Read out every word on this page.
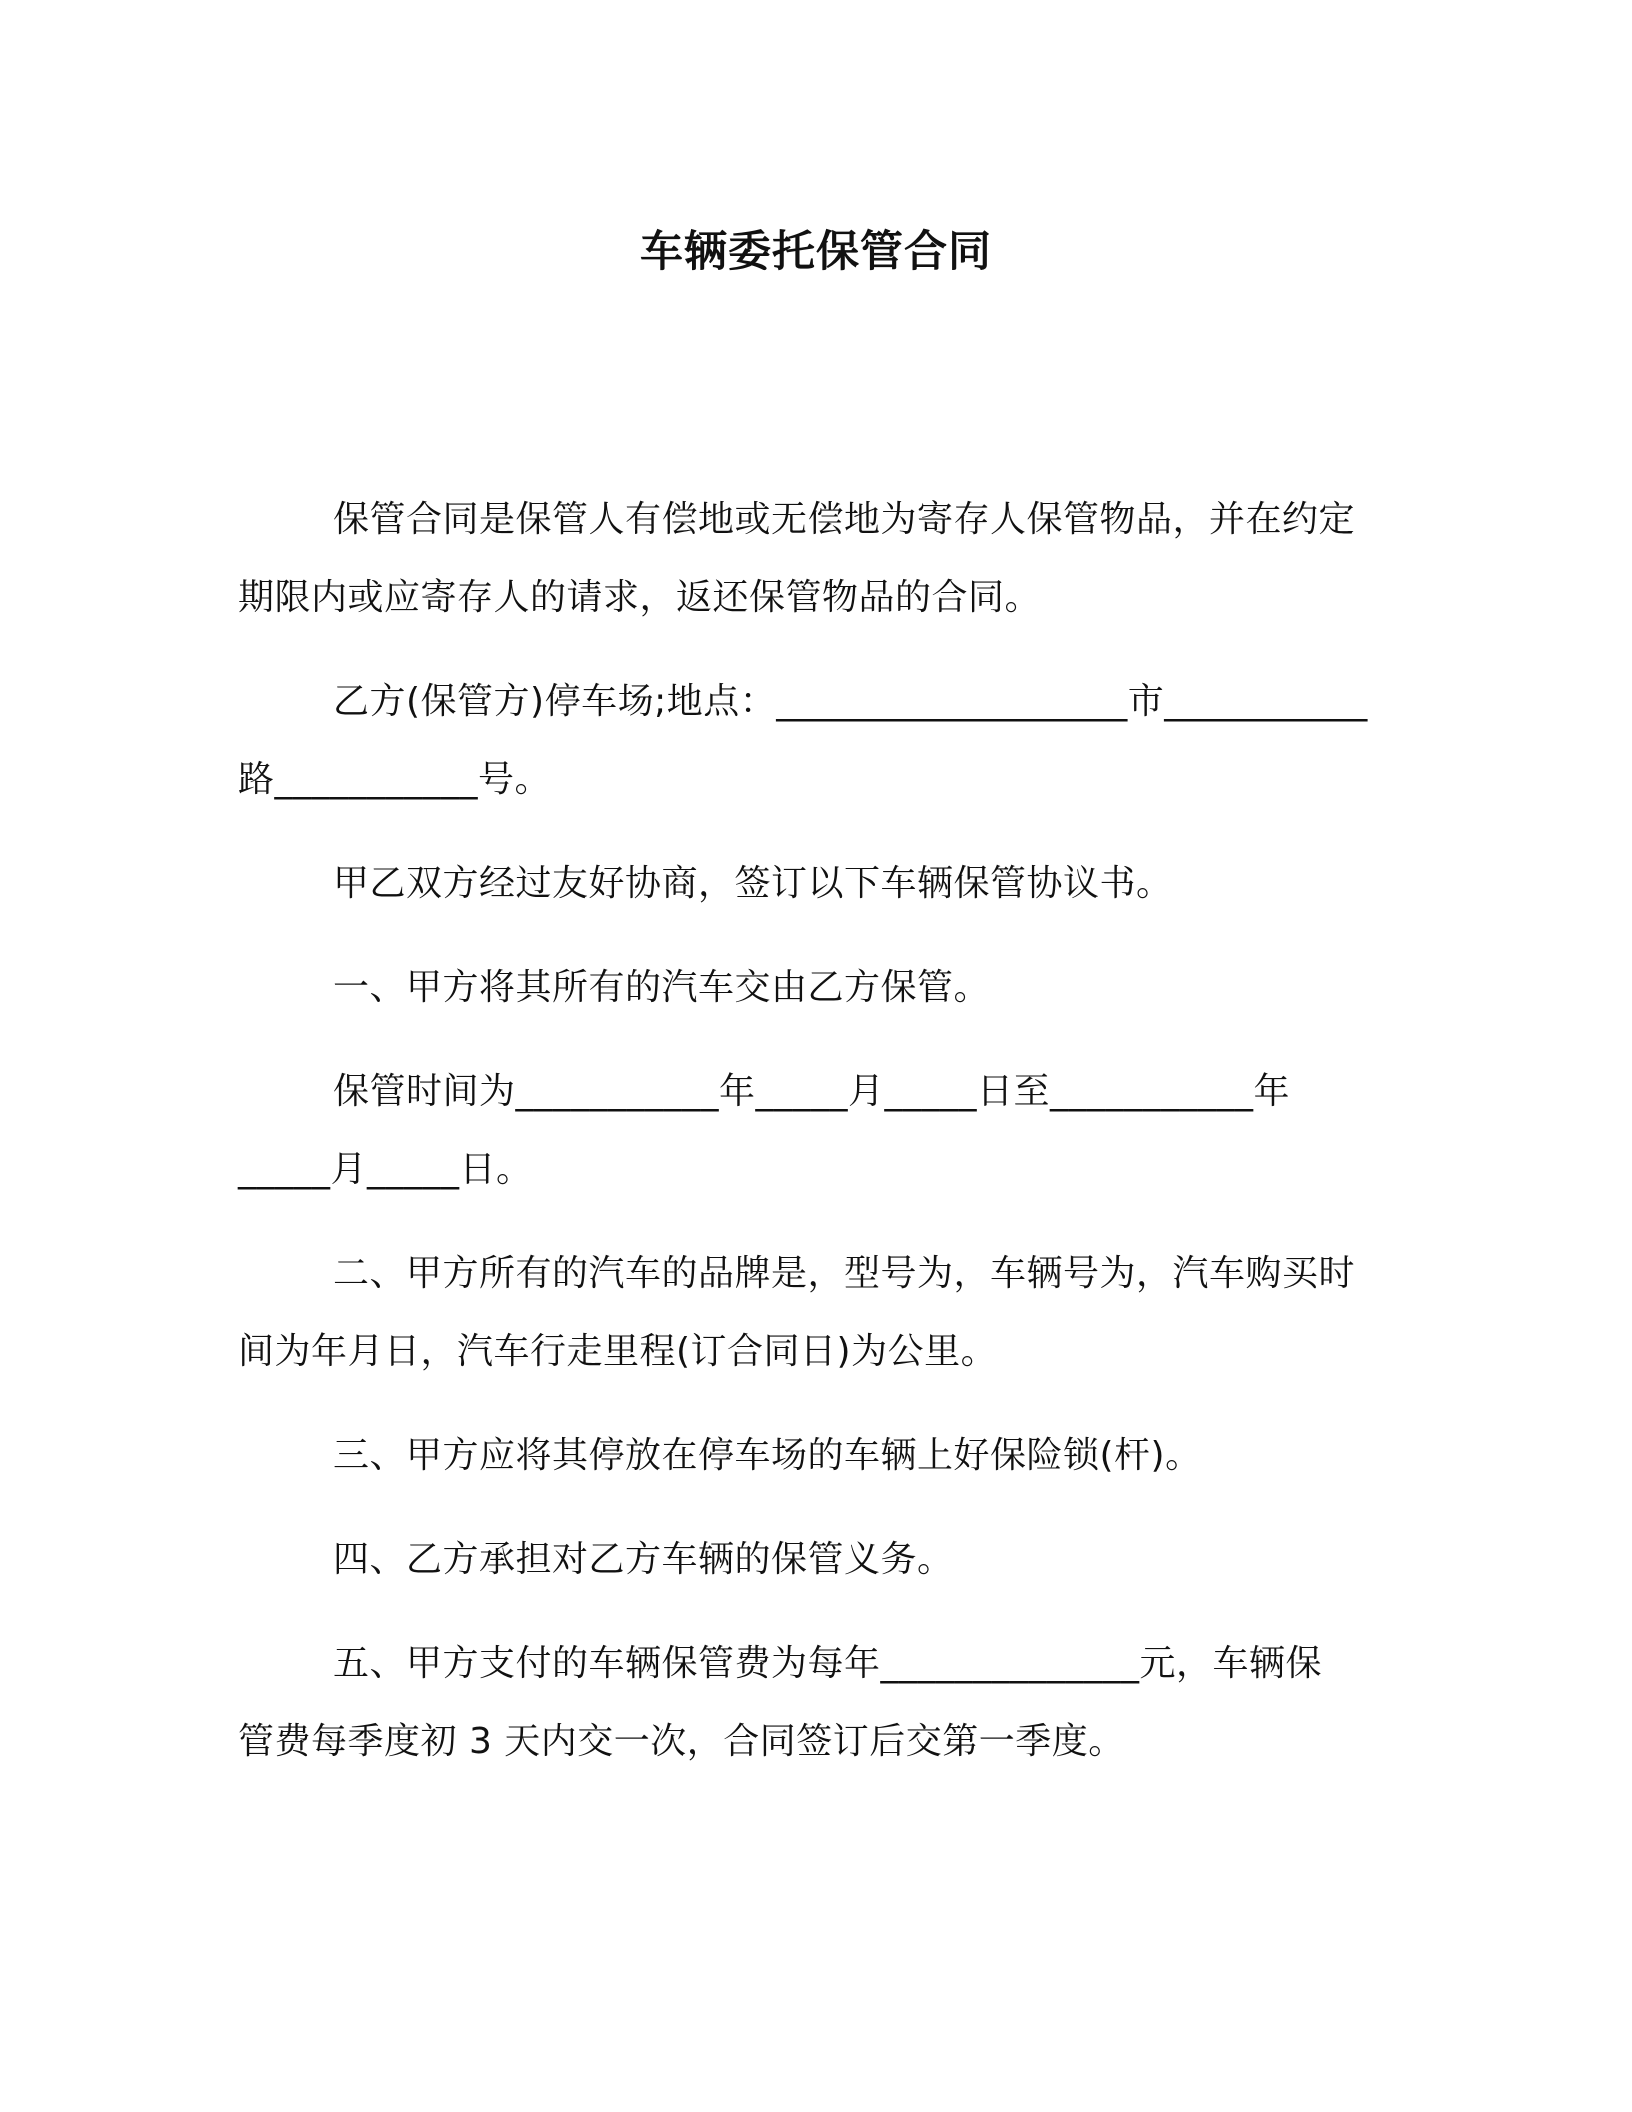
车辆委托保管合同
保管合同是保管人有偿地或无偿地为寄存人保管物品，并在约定
期限内或应寄存人的请求，返还保管物品的合同。
乙方(保管方)停车场;地点：___________________市___________
路___________号。
甲乙双方经过友好协商，签订以下车辆保管协议书。
一、甲方将其所有的汽车交由乙方保管。
保管时间为___________年_____月_____日至___________年
_____月_____日。
二、甲方所有的汽车的品牌是，型号为，车辆号为，汽车购买时
间为年月日，汽车行走里程(订合同日)为公里。
三、甲方应将其停放在停车场的车辆上好保险锁(杆)。
四、乙方承担对乙方车辆的保管义务。
五、甲方支付的车辆保管费为每年______________元，车辆保
管费每季度初 3 天内交一次，合同签订后交第一季度。
